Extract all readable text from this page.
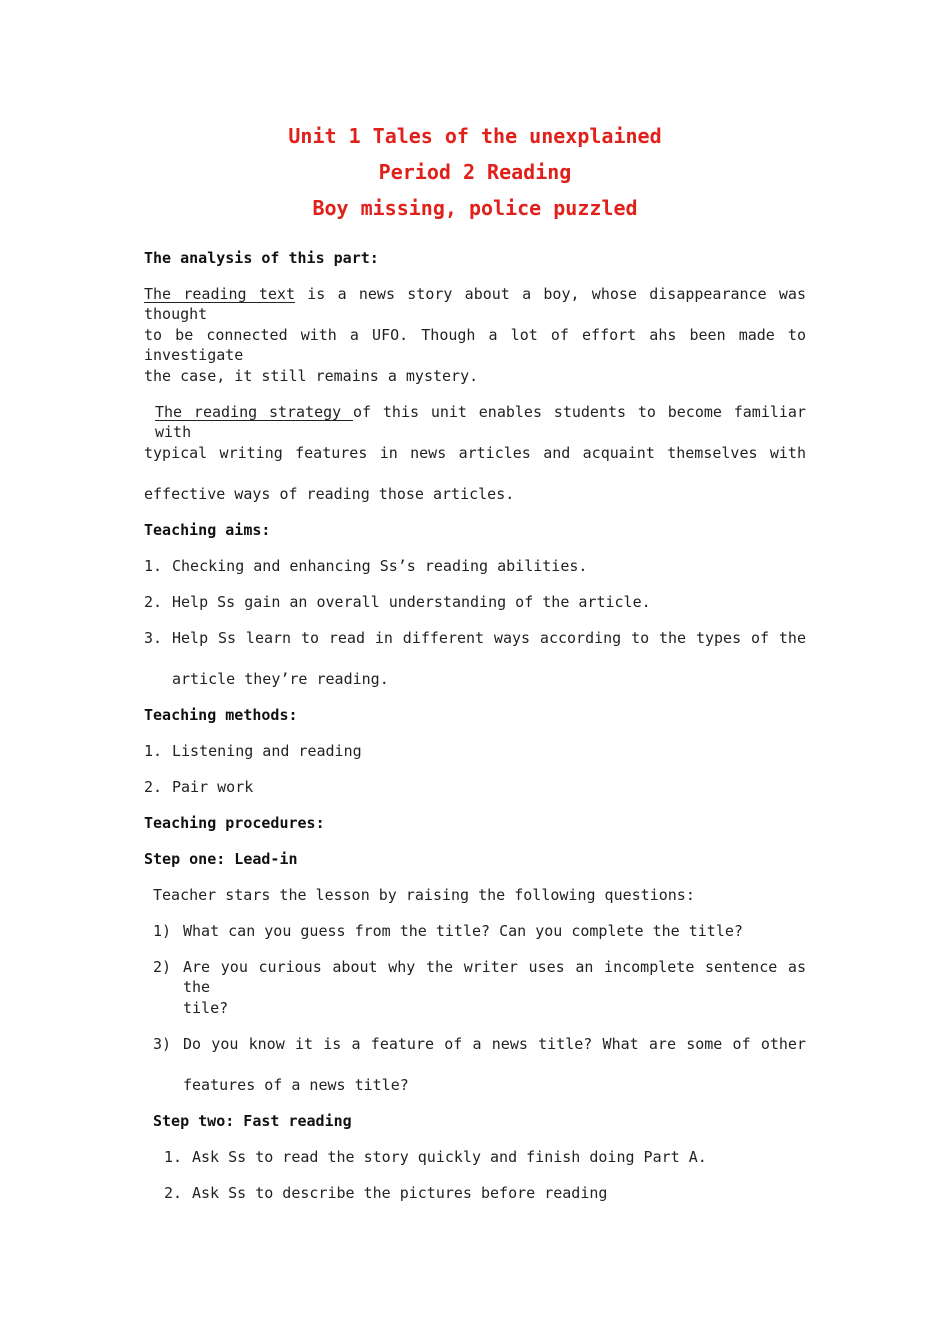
Unit 1 Tales of the unexplained
Period 2 Reading
Boy missing, police puzzled
The analysis of this part:
The reading text is a news story about a boy, whose disappearance was thought
to be connected with a UFO. Though a lot of effort ahs been made to investigate
the case, it still remains a mystery.
The reading strategy of this unit enables students to become familiar with
typical writing features in news articles and acquaint themselves with
effective ways of reading those articles.
Teaching aims:
1. Checking and enhancing Ss’s reading abilities.
2. Help Ss gain an overall understanding of the article.
3. Help Ss learn to read in different ways according to the types of the
article they’re reading.
Teaching methods:
1. Listening and reading
2. Pair work
Teaching procedures:
Step one: Lead-in
Teacher stars the lesson by raising the following questions:
1) What can you guess from the title? Can you complete the title?
2) Are you curious about why the writer uses an incomplete sentence as the
tile?
3) Do you know it is a feature of a news title? What are some of other
features of a news title?
Step two: Fast reading
1. Ask Ss to read the story quickly and finish doing Part A.
2. Ask Ss to describe the pictures before reading
